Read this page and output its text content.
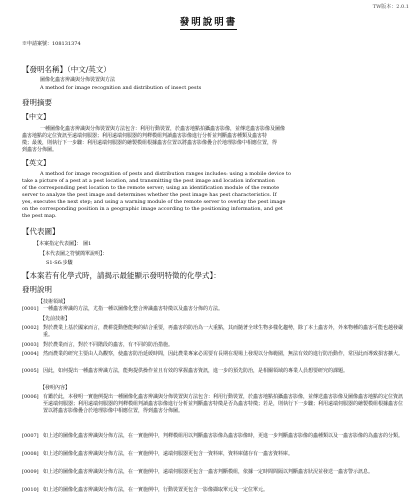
TW版本：2.0.1
發明說明書
※申請案號：108131374
【發明名稱】（中文/英文）
圖像化蟲害辨識與分佈裝置與方法
A method for image recognition and distribution of insect pests
發明摘要
【中文】
一種圖像化蟲害辨識與分佈裝置與方法包含：利用行動裝置，於蟲害地點拍攝蟲害影像，並傳送蟲害影像及圖像
蟲害地點的定位資訊至遠端伺服器；利用遠端伺服器的判釋模組判讀蟲害影像進行分析並判斷蟲害種類及蟲害特
徵；最後，則執行下一步驟：利用遠端伺服器的繪製模組根據蟲害位置以將蟲害影像疊合於地理影像中相應位置，得
到蟲害分佈圖。
【英文】
A method for image recognition of pests and distribution ranges includes: using a mobile device to
take a picture of a pest at a pest location, and transmitting the pest image and location information
of the corresponding pest location to the remote server; using an identification module of the remote
server to analyze the pest image and determines whether the pest image has pest characteristics. If
yes, executes the next step; and using a warning module of the remote server to overlay the pest image
on the corresponding position in a geographic image according to the positioning information, and get
the pest map.
【代表圖】
【本案指定代表圖】： 圖1
【本代表圖之符號簡單說明】：
S1-S6:步驟
【本案若有化學式時，請揭示最能顯示發明特徵的化學式】：
發明說明
【技術領域】
[0001] 一種蟲害辨識的方法，尤指一種以圖像化整合辨識蟲害特徵以及蟲害分佈的方法。
【先前技術】
[0002] 對於農業上基於國家而言，農耕從動態能夠的結合重要，再蟲害的防治為一大重點，其而隨著全球生物多樣化趨勢，除了本土蟲害外，外來物種的蟲害可能也越發嚴重。
[0003] 對於農業而言，對於不同階段的蟲害，有不同的防治措施。
[0004] 然而農業的研究主要由人為觀察，使蟲害防治延緩時間，因此農業專家必需要有長期在現場上發現以分佈範圍，無法有效的進行防治動作，常因此而導致損害擴大。
[0005] 因此，如何提出一種蟲害辨識方法，能夠提供操作並且有效的掌握蟲害資訊，進一步的預先防治，是相關領域的專業人員想要研究的課題。
【發明內容】
[0006] 有鑑於此，本發明一實施例提出一種圖像化蟲害辨識與分佈裝置與方法包含：利用行動裝置，於蟲害地點拍攝蟲害影像，並傳送蟲害影像及圖像蟲害地點的定位資訊至遠端伺服器；利用遠端伺服器的判釋模組判讀蟲害影像進行分析並判斷蟲害特徵是否為蟲害特徵；若是，則執行下一步驟；利用遠端伺服器的繪製模組根據蟲害位置以將蟲害影像疊合於地理影像中相應位置，得到蟲害分佈圖。
[0007] 如上述的圖像化蟲害辨識與分佈方法，在一實施例中，判釋模組用以判斷蟲害影像為蟲害影像時，更進一步判斷蟲害影像的蟲種類以及一蟲害影像的為蟲害的分類。
[0008] 如上述的圖像化蟲害辨識與分佈方法，在一實施例中，遠端伺服器更包含一資料庫，資料庫儲存有一蟲害資料庫。
[0009] 如上述的圖像化蟲害辨識與分佈方法，在一實施例中，遠端伺服器更包含一蟲害判斷模組，依據一定時間間隔以判斷蟲害狀況並發送一蟲害警示訊息。
[0010] 如上述的圖像化蟲害辨識與分佈方法，在一實施例中，行動裝置更包含一影像擷取單元及一定位單元。
